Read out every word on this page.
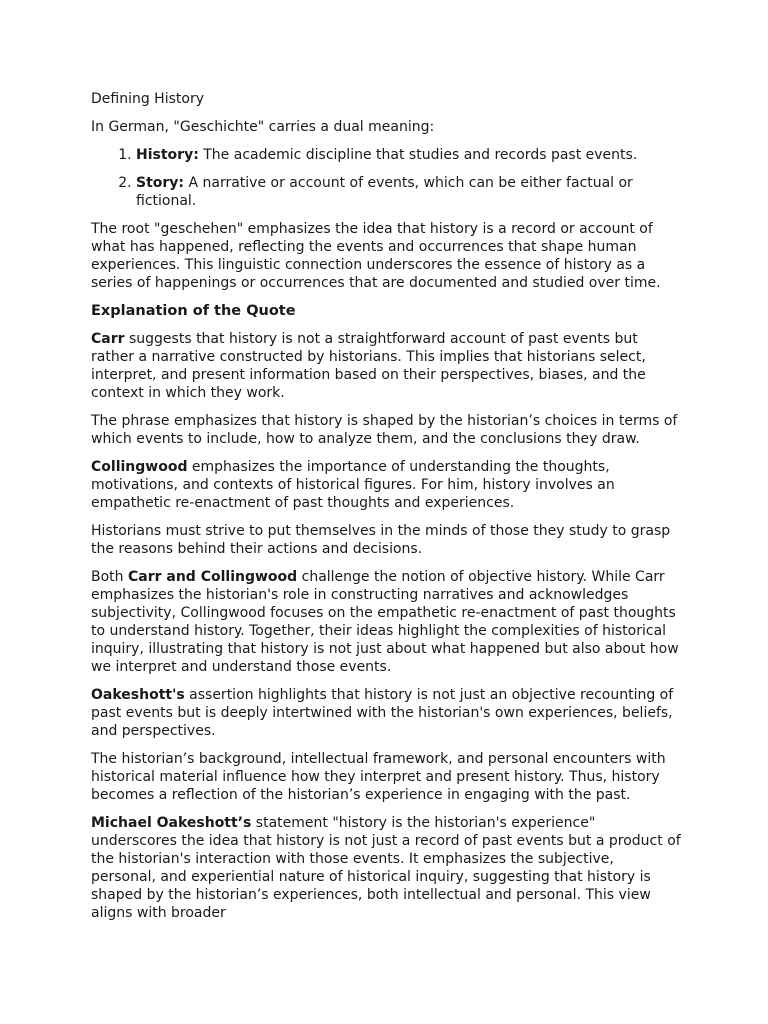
Defining History

In German, "Geschichte" carries a dual meaning:

1. History: The academic discipline that studies and records past events.
2. Story: A narrative or account of events, which can be either factual or fictional.

The root "geschehen" emphasizes the idea that history is a record or account of what has happened, reflecting the events and occurrences that shape human experiences. This linguistic connection underscores the essence of history as a series of happenings or occurrences that are documented and studied over time.

Explanation of the Quote

Carr suggests that history is not a straightforward account of past events but rather a narrative constructed by historians. This implies that historians select, interpret, and present information based on their perspectives, biases, and the context in which they work.

The phrase emphasizes that history is shaped by the historian’s choices in terms of which events to include, how to analyze them, and the conclusions they draw.

Collingwood emphasizes the importance of understanding the thoughts, motivations, and contexts of historical figures. For him, history involves an empathetic re-enactment of past thoughts and experiences.

Historians must strive to put themselves in the minds of those they study to grasp the reasons behind their actions and decisions.

Both Carr and Collingwood challenge the notion of objective history. While Carr emphasizes the historian's role in constructing narratives and acknowledges subjectivity, Collingwood focuses on the empathetic re-enactment of past thoughts to understand history. Together, their ideas highlight the complexities of historical inquiry, illustrating that history is not just about what happened but also about how we interpret and understand those events.

Oakeshott's assertion highlights that history is not just an objective recounting of past events but is deeply intertwined with the historian's own experiences, beliefs, and perspectives.

The historian’s background, intellectual framework, and personal encounters with historical material influence how they interpret and present history. Thus, history becomes a reflection of the historian’s experience in engaging with the past.

Michael Oakeshott’s statement "history is the historian's experience" underscores the idea that history is not just a record of past events but a product of the historian's interaction with those events. It emphasizes the subjective, personal, and experiential nature of historical inquiry, suggesting that history is shaped by the historian’s experiences, both intellectual and personal. This view aligns with broader
